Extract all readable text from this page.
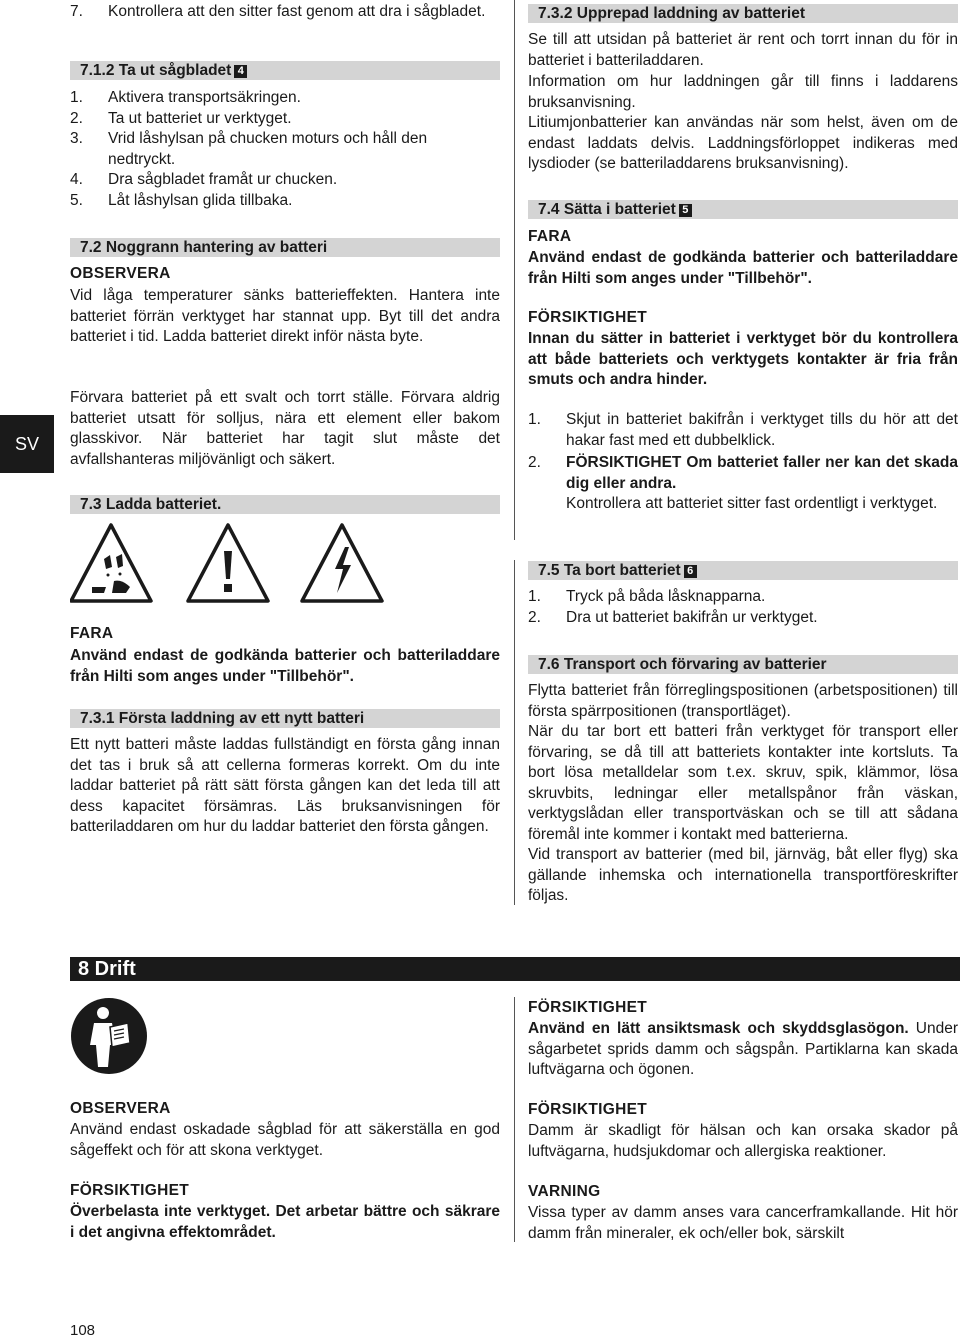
SV
7. Kontrollera att den sitter fast genom att dra i sågbladet.
7.1.2 Ta ut sågbladet 4
1. Aktivera transportsäkringen.
2. Ta ut batteriet ur verktyget.
3. Vrid låshylsan på chucken moturs och håll den nedtryckt.
4. Dra sågbladet framåt ur chucken.
5. Låt låshylsan glida tillbaka.
7.2 Noggrann hantering av batteri
OBSERVERA
Vid låga temperaturer sänks batterieffekten. Hantera inte batteriet förrän verktyget har stannat upp. Byt till det andra batteriet i tid. Ladda batteriet direkt inför nästa byte.
Förvara batteriet på ett svalt och torrt ställe. Förvara aldrig batteriet utsatt för solljus, nära ett element eller bakom glasskivor. När batteriet har tagit slut måste det avfallshanteras miljövänligt och säkert.
7.3 Ladda batteriet.
FARA
Använd endast de godkända batterier och batteriladdare från Hilti som anges under "Tillbehör".
7.3.1 Första laddning av ett nytt batteri
Ett nytt batteri måste laddas fullständigt en första gång innan det tas i bruk så att cellerna formeras korrekt. Om du inte laddar batteriet på rätt sätt första gången kan det leda till att dess kapacitet försämras. Läs bruksanvisningen för batteriladdaren om hur du laddar batteriet den första gången.
7.3.2 Upprepad laddning av batteriet
Se till att utsidan på batteriet är rent och torrt innan du för in batteriet i batteriladdaren.
Information om hur laddningen går till finns i laddarens bruksanvisning.
Litiumjonbatterier kan användas när som helst, även om de endast laddats delvis. Laddningsförloppet indikeras med lysdioder (se batteriladdarens bruksanvisning).
7.4 Sätta i batteriet 5
FARA
Använd endast de godkända batterier och batteriladdare från Hilti som anges under "Tillbehör".
FÖRSIKTIGHET
Innan du sätter in batteriet i verktyget bör du kontrollera att både batteriets och verktygets kontakter är fria från smuts och andra hinder.
1. Skjut in batteriet bakifrån i verktyget tills du hör att det hakar fast med ett dubbelklick.
2. FÖRSIKTIGHET Om batteriet faller ner kan det skada dig eller andra.
Kontrollera att batteriet sitter fast ordentligt i verktyget.
7.5 Ta bort batteriet 6
1. Tryck på båda låsknapparna.
2. Dra ut batteriet bakifrån ur verktyget.
7.6 Transport och förvaring av batterier
Flytta batteriet från förreglingspositionen (arbetspositionen) till första spärrpositionen (transportläget).
När du tar bort ett batteri från verktyget för transport eller förvaring, se då till att batteriets kontakter inte kortsluts. Ta bort lösa metalldelar som t.ex. skruv, spik, klämmor, lösa skruvbits, ledningar eller metallspånor från väskan, verktygslådan eller transportväskan och se till att sådana föremål inte kommer i kontakt med batterierna.
Vid transport av batterier (med bil, järnväg, båt eller flyg) ska gällande inhemska och internationella transportföreskrifter följas.
8 Drift
OBSERVERA
Använd endast oskadade sågblad för att säkerställa en god sågeffekt och för att skona verktyget.
FÖRSIKTIGHET
Överbelasta inte verktyget. Det arbetar bättre och säkrare i det angivna effektområdet.
FÖRSIKTIGHET
Använd en lätt ansiktsmask och skyddsglasögon. Under sågarbetet sprids damm och sågspån. Partiklarna kan skada luftvägarna och ögonen.
FÖRSIKTIGHET
Damm är skadligt för hälsan och kan orsaka skador på luftvägarna, hudsjukdomar och allergiska reaktioner.
VARNING
Vissa typer av damm anses vara cancerframkallande. Hit hör damm från mineraler, ek och/eller bok, särskilt
108
